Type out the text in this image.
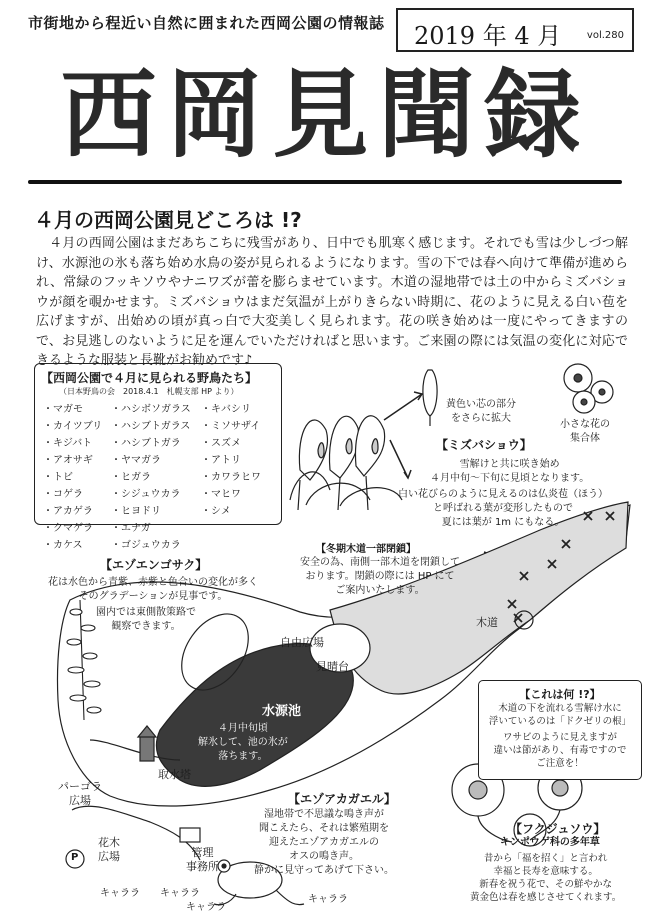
市街地から程近い自然に囲まれた西岡公園の情報誌 2019 年 4 月	vol.280
西岡見聞録
４月の西岡公園見どころは !?
　４月の西岡公園はまだあちこちに残雪があり、日中でも肌寒く感じます。それでも雪は少しづつ解け、水源池の氷も落ち始め水鳥の姿が見られるようになります。雪の下では春へ向けて準備が進められ、常緑のフッキソウやナニワズが蕾を膨らませています。木道の湿地帯では土の中からミズバショウが顔を覗かせます。ミズバショウはまだ気温が上がりきらない時期に、花のように見える白い苞を広げますが、出始めの頃が真っ白で大変美しく見られます。花の咲き始めは一度にやってきますので、お見逃しのないように足を運んでいただければと思います。ご来園の際には気温の変化に対応できるような服装と長靴がお勧めです♪
【西岡公園で４月に見られる野鳥たち】
（日本野鳥の会　2018.4.1　札幌支部 HP より）
・マガモ	・ハシボソガラス	・キバシリ
・カイツブリ ・ハシブトガラス	・ミソサザイ
・キジバト	・ハシブトガラ	・スズメ
・アオサギ	・ヤマガラ	・アトリ
・トビ	・ヒガラ	・カワラヒワ
・コゲラ	・シジュウカラ	・マヒワ
・アカゲラ	・ヒヨドリ	・シメ
・クマゲラ	・エナガ
・カケス	・ゴジュウカラ
黄色い芯の部分
をさらに拡大
小さな花の
集合体
【ミズバショウ】
雪解けと共に咲き始め
４月中旬〜下旬に見頃となります。
白い花びらのように見えるのは仏炎苞（ほう）
と呼ばれる葉が変形したもので
夏には葉が 1m にもなる。
【冬期木道一部閉鎖】
安全の為、南側一部木道を閉鎖して
おります。閉鎖の際には HP にて
ご案内いたします。
【エゾエンゴサク】
花は水色から青紫、赤紫と色合いの変化が多く
そのグラデーションが見事です。
園内では東側散策路で
観察できます。
自由広場
見晴台
水源池
４月中旬頃
解氷して、池の氷が
落ちます。
木道
取水塔
パーゴラ
広場
花木
広場	管理
事務所
P
【これは何 !?】
木道の下を流れる雪解け水に
浮いているのは「ドクゼリの根」
ワサビのように見えますが
違いは節があり、有毒ですので
ご注意を！
【エゾアカガエル】
湿地帯で不思議な鳴き声が
聞こえたら、それは繁殖期を
迎えたエゾアカガエルの
オスの鳴き声。
静かに見守ってあげて下さい。
キャララ キャララ
キャララ
キャララ
【フクジュソウ】
キンポウゲ科の多年草
昔から「福を招く」と言われ
幸福と長寿を意味する。
新春を祝う花で、その鮮やかな
黄金色は春を感じさせてくれます。
